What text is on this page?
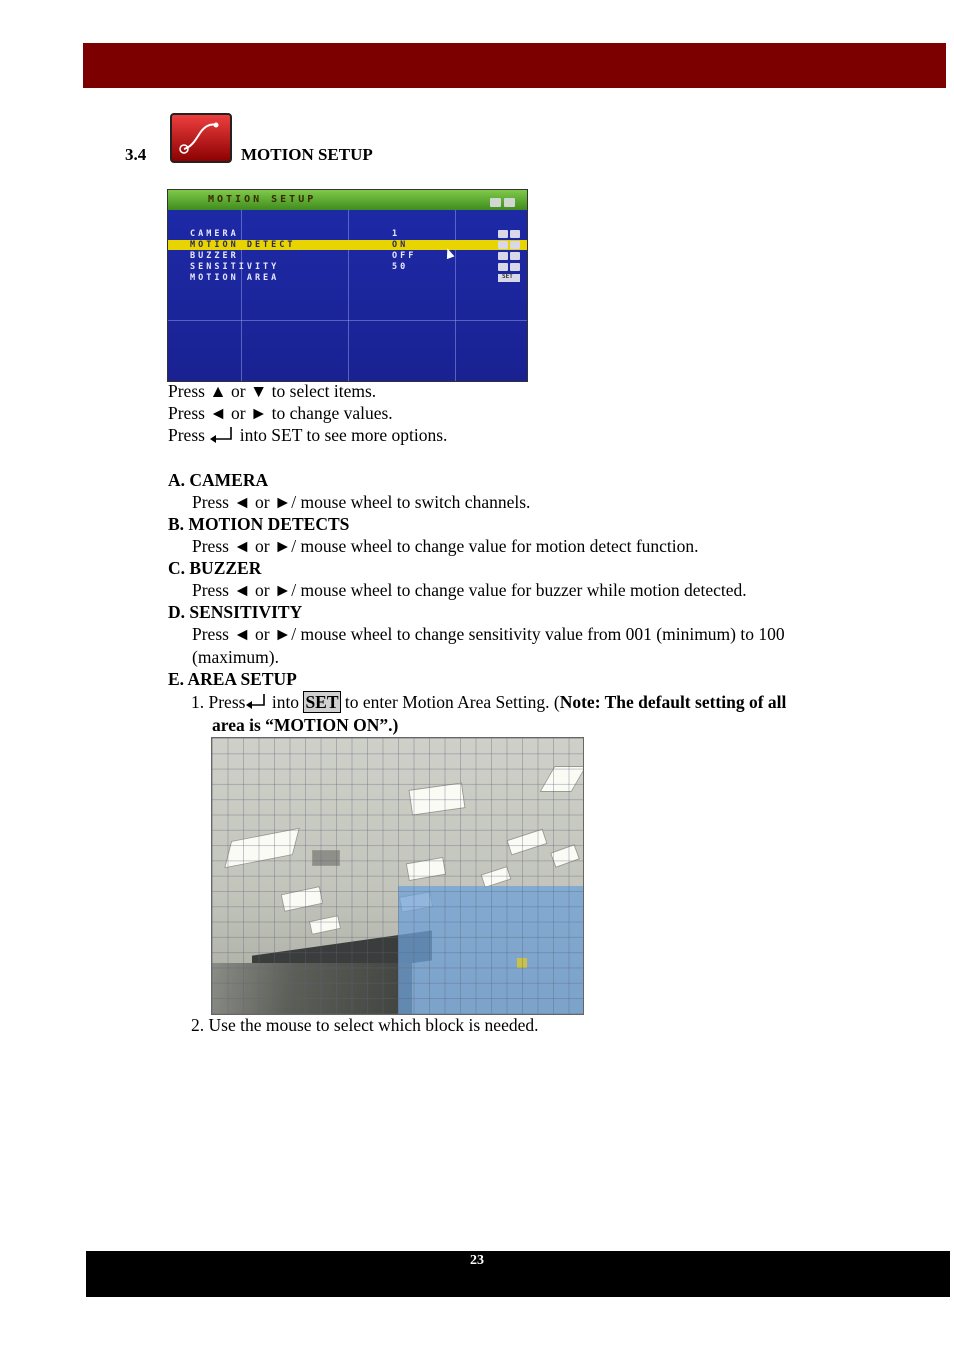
3.4	MOTION SETUP
MOTION SETUP
CAMERA	1
MOTION DETECT	ON
BUZZER	OFF
SENSITIVITY	50
MOTION AREA	SET
Press ▲ or ▼ to select items.
Press ◄ or ► to change values.
Press into SET to see more options.
A. CAMERA
Press ◄ or ►/ mouse wheel to switch channels.
B. MOTION DETECTS
Press ◄ or ►/ mouse wheel to change value for motion detect function.
C. BUZZER
Press ◄ or ►/ mouse wheel to change value for buzzer while motion detected.
D. SENSITIVITY
Press ◄ or ►/ mouse wheel to change sensitivity value from 001 (minimum) to 100
(maximum).
E. AREA SETUP
1. Press into SET to enter Motion Area Setting. (Note: The default setting of all
area is “MOTION ON”.)
2. Use the mouse to select which block is needed.
23
